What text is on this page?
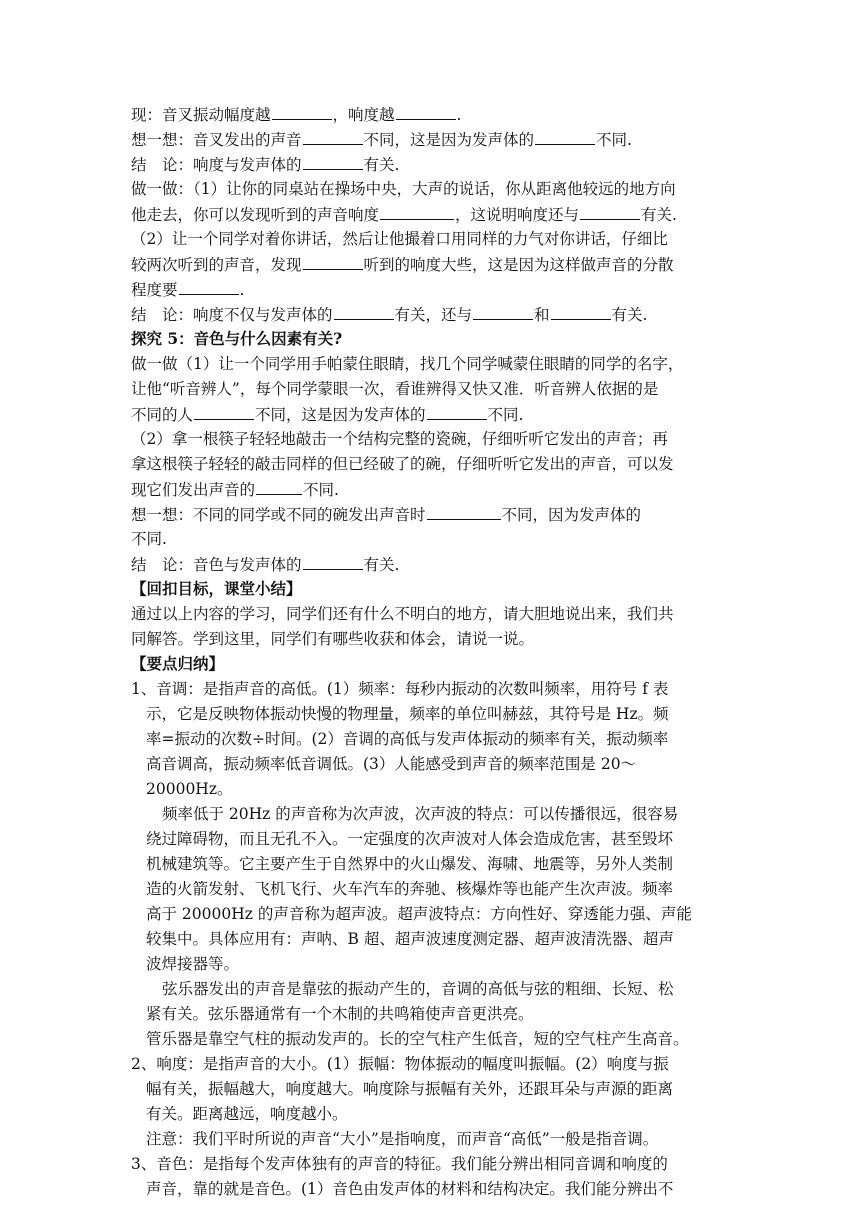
现：音叉振动幅度越	，响度越	.
想一想：音叉发出的声音	不同，这是因为发声体的	不同.
结　论：响度与发声体的	有关.
做一做：（1）让你的同桌站在操场中央，大声的说话，你从距离他较远的地方向
他走去，你可以发现听到的声音响度	，这说明响度还与	有关.
（2）让一个同学对着你讲话，然后让他撮着口用同样的力气对你讲话，仔细比
较两次听到的声音，发现	听到的响度大些，这是因为这样做声音的分散
程度要	.
结　论：响度不仅与发声体的	有关，还与	和	有关.
探究 5：音色与什么因素有关?
做一做（1）让一个同学用手帕蒙住眼睛，找几个同学喊蒙住眼睛的同学的名字，
让他“听音辨人”，每个同学蒙眼一次，看谁辨得又快又准．听音辨人依据的是
不同的人	不同，这是因为发声体的	不同.
（2）拿一根筷子轻轻地敲击一个结构完整的瓷碗，仔细听听它发出的声音；再
拿这根筷子轻轻的敲击同样的但已经破了的碗，仔细听听它发出的声音，可以发
现它们发出声音的	不同.
想一想：不同的同学或不同的碗发出声音时	不同，因为发声体的
不同.
结　论：音色与发声体的	有关.
【回扣目标，课堂小结】
通过以上内容的学习，同学们还有什么不明白的地方，请大胆地说出来，我们共
同解答。学到这里，同学们有哪些收获和体会，请说一说。
【要点归纳】
1、音调：是指声音的高低。(1）频率：每秒内振动的次数叫频率，用符号 f 表
示，它是反映物体振动快慢的物理量，频率的单位叫赫兹，其符号是 Hz。频
率=振动的次数÷时间。(2）音调的高低与发声体振动的频率有关，振动频率
高音调高，振动频率低音调低。(3）人能感受到声音的频率范围是 20～
20000Hz。
频率低于 20Hz 的声音称为次声波，次声波的特点：可以传播很远，很容易
绕过障碍物，而且无孔不入。一定强度的次声波对人体会造成危害，甚至毁坏
机械建筑等。它主要产生于自然界中的火山爆发、海啸、地震等，另外人类制
造的火箭发射、飞机飞行、火车汽车的奔驰、核爆炸等也能产生次声波。频率
高于 20000Hz 的声音称为超声波。超声波特点：方向性好、穿透能力强、声能
较集中。具体应用有：声呐、B 超、超声波速度测定器、超声波清洗器、超声
波焊接器等。
弦乐器发出的声音是靠弦的振动产生的，音调的高低与弦的粗细、长短、松
紧有关。弦乐器通常有一个木制的共鸣箱使声音更洪亮。
管乐器是靠空气柱的振动发声的。长的空气柱产生低音，短的空气柱产生高音。
2、响度：是指声音的大小。(1）振幅：物体振动的幅度叫振幅。(2）响度与振
幅有关，振幅越大，响度越大。响度除与振幅有关外，还跟耳朵与声源的距离
有关。距离越远，响度越小。
注意：我们平时所说的声音“大小”是指响度，而声音“高低”一般是指音调。
3、音色：是指每个发声体独有的声音的特征。我们能分辨出相同音调和响度的
声音，靠的就是音色。(1）音色由发声体的材料和结构决定。我们能分辨出不
